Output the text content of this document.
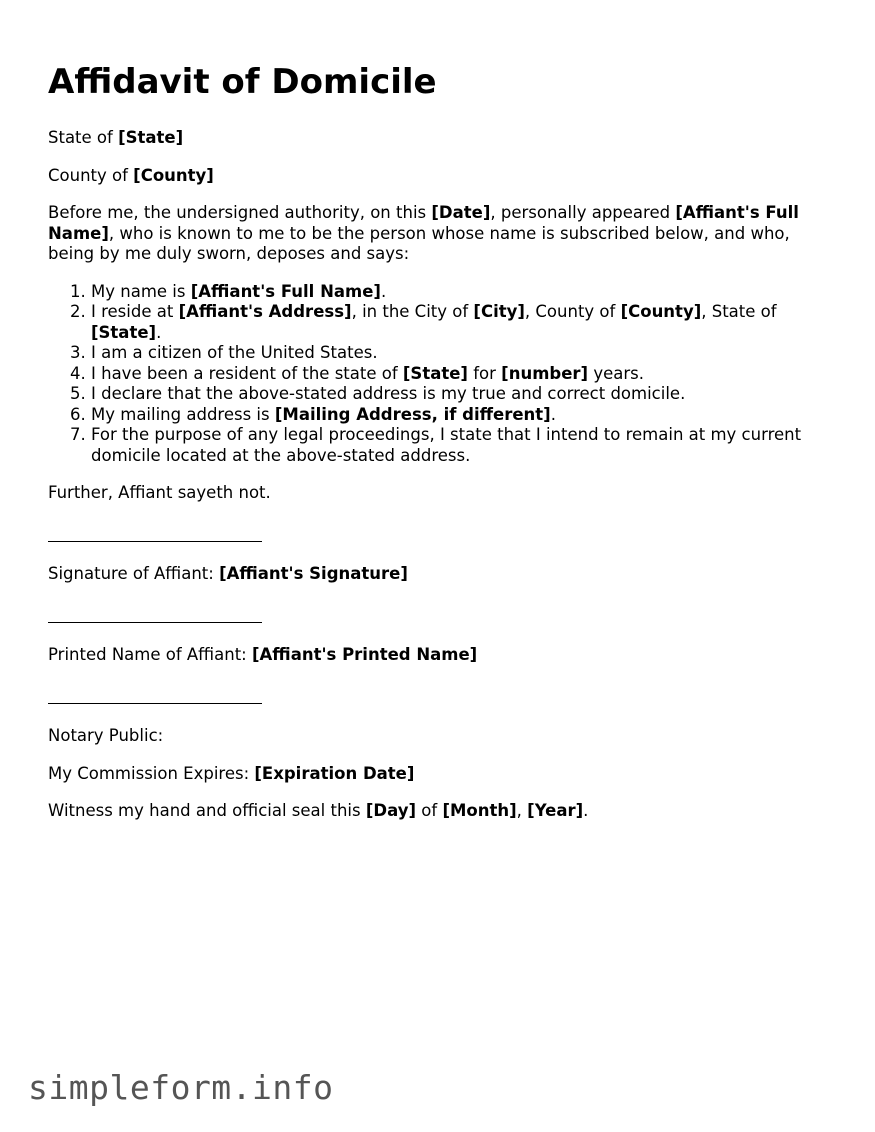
Affidavit of Domicile

State of [State]

County of [County]

Before me, the undersigned authority, on this [Date], personally appeared [Affiant's Full Name], who is known to me to be the person whose name is subscribed below, and who, being by me duly sworn, deposes and says:

1. My name is [Affiant's Full Name].
2. I reside at [Affiant's Address], in the City of [City], County of [County], State of [State].
3. I am a citizen of the United States.
4. I have been a resident of the state of [State] for [number] years.
5. I declare that the above-stated address is my true and correct domicile.
6. My mailing address is [Mailing Address, if different].
7. For the purpose of any legal proceedings, I state that I intend to remain at my current domicile located at the above-stated address.

Further, Affiant sayeth not.

Signature of Affiant: [Affiant's Signature]

Printed Name of Affiant: [Affiant's Printed Name]

Notary Public:

My Commission Expires: [Expiration Date]

Witness my hand and official seal this [Day] of [Month], [Year].

simpleform.info
